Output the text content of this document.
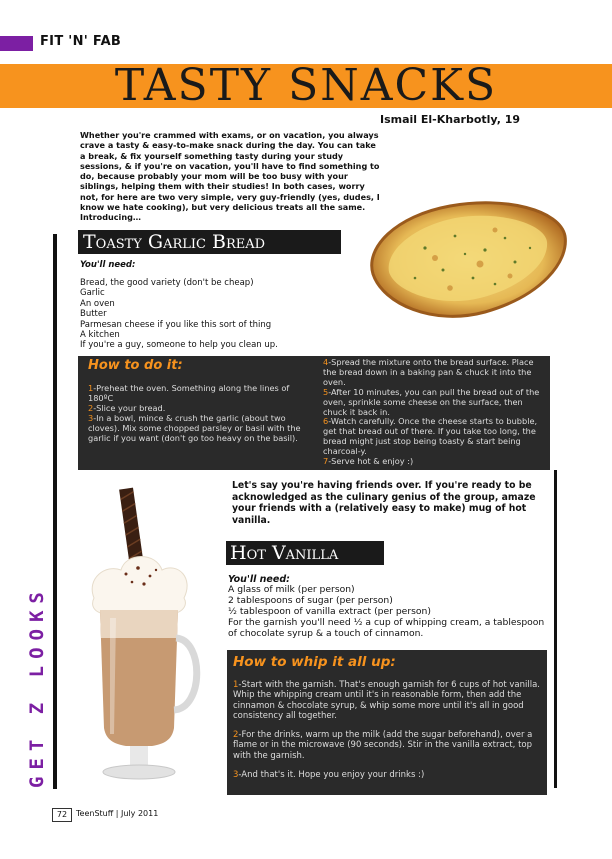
FIT 'N' FAB
TASTY SNACKS
Ismail El-Kharbotly, 19
Whether you're crammed with exams, or on vacation, you always crave a tasty & easy-to-make snack during the day. You can take a break, & fix yourself something tasty during your study sessions, & if you're on vacation, you'll have to find something to do, because probably your mom will be too busy with your siblings, helping them with their studies! In both cases, worry not, for here are two very simple, very guy-friendly (yes, dudes, I know we hate cooking), but very delicious treats all the same. Introducing…
GET Z LOOKS
Toasty Garlic Bread
You'll need:
Bread, the good variety (don't be cheap)
Garlic
An oven
Butter
Parmesan cheese if you like this sort of thing
A kitchen
If you're a guy, someone to help you clean up.
How to do it:
1-Preheat the oven. Something along the lines of 180ºC
2-Slice your bread.
3-In a bowl, mince & crush the garlic (about two cloves). Mix some chopped parsley or basil with the garlic if you want (don't go too heavy on the basil).
4-Spread the mixture onto the bread surface. Place the bread down in a baking pan & chuck it into the oven.
5-After 10 minutes, you can pull the bread out of the oven, sprinkle some cheese on the surface, then chuck it back in.
6-Watch carefully. Once the cheese starts to bubble, get that bread out of there. If you take too long, the bread might just stop being toasty & start being charcoal-y.
7-Serve hot & enjoy :)
Let's say you're having friends over. If you're ready to be acknowledged as the culinary genius of the group, amaze your friends with a (relatively easy to make) mug of hot vanilla.
Hot Vanilla
You'll need:
A glass of milk (per person)
2 tablespoons of sugar (per person)
½ tablespoon of vanilla extract (per person)
For the garnish you'll need ½ a cup of whipping cream, a tablespoon of chocolate syrup & a touch of cinnamon.
How to whip it all up:

1-Start with the garnish. That's enough garnish for 6 cups of hot vanilla. Whip the whipping cream until it's in reasonable form, then add the cinnamon & chocolate syrup, & whip some more until it's all in good consistency all together.

2-For the drinks, warm up the milk (add the sugar beforehand), over a flame or in the microwave (90 seconds). Stir in the vanilla extract, top with the garnish.

3-And that's it. Hope you enjoy your drinks :)

72	TeenStuff | July 2011
